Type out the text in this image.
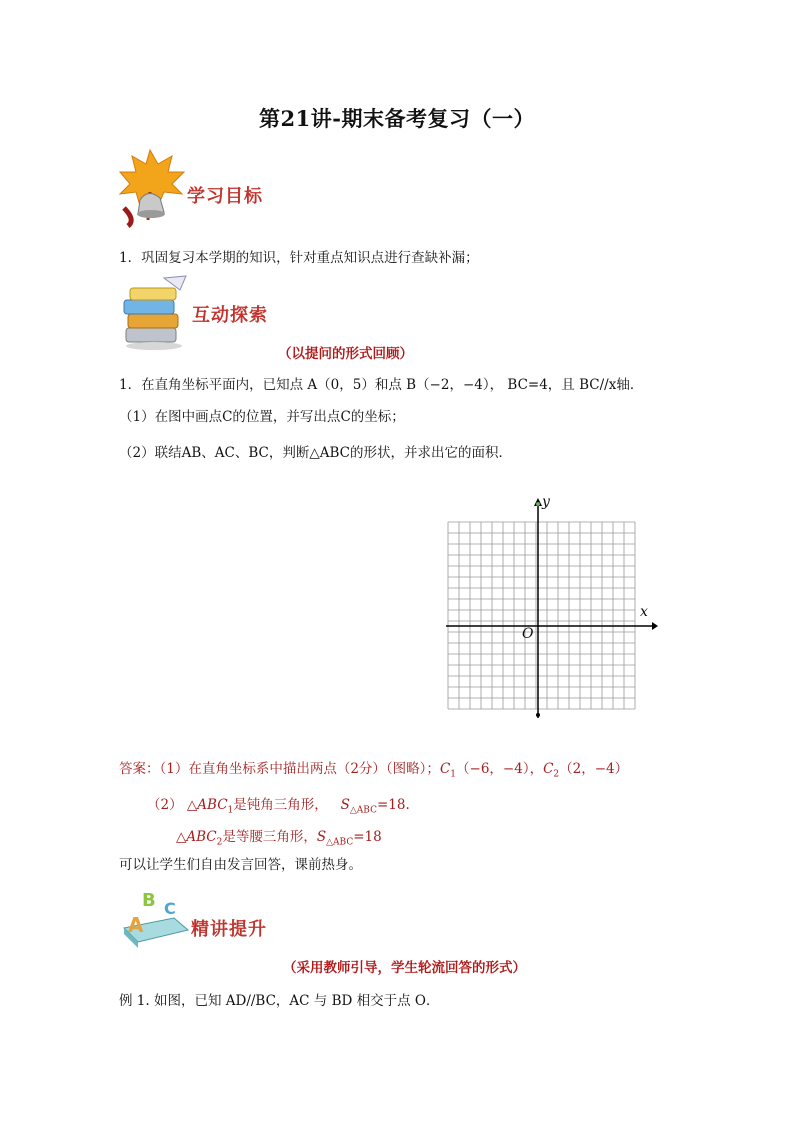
第21讲-期末备考复习（一）
学习目标
1．巩固复习本学期的知识，针对重点知识点进行查缺补漏；
互动探索
（以提问的形式回顾）
1．在直角坐标平面内，已知点 A（0，5）和点 B（−2，−4）， BC=4，且 BC//x轴．
（1）在图中画点C的位置，并写出点C的坐标；
（2）联结AB、AC、BC，判断△ABC的形状，并求出它的面积．
y
x
O
答案：（1）在直角坐标系中描出两点（2分）（图略）；$C_1(-6$，−4），$C_2(2$，−4）
（2） $\triangle ABC_1$是钝角三角形， $S_{\triangle ABC}=18$.
$\triangle ABC_2$是等腰三角形，$S_{\triangle ABC}=18$
可以让学生们自由发言回答，课前热身。
A
B C
精讲提升
（采用教师引导，学生轮流回答的形式）
例 1. 如图，已知 AD//BC，AC 与 BD 相交于点 O．
